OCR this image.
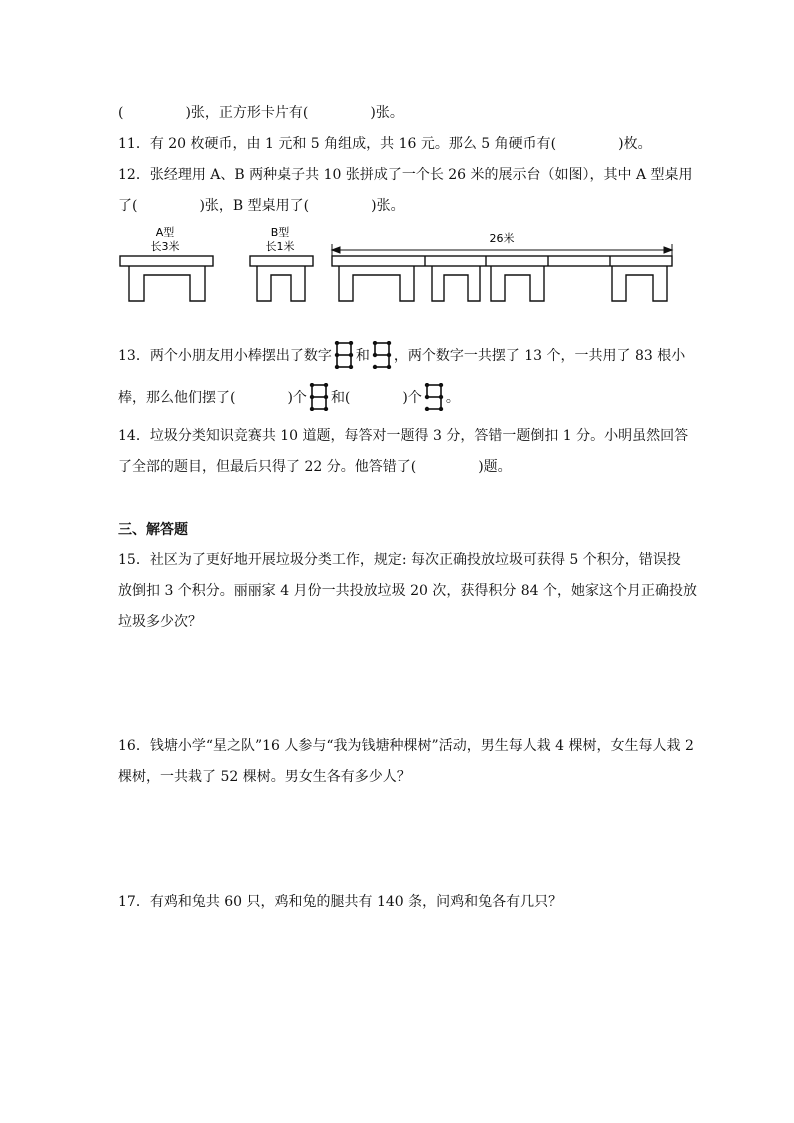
(	)张，正方形卡片有(	)张。
11．有 20 枚硬币，由 1 元和 5 角组成，共 16 元。那么 5 角硬币有(	)枚。
12．张经理用 A、B 两种桌子共 10 张拼成了一个长 26 米的展示台（如图），其中 A 型桌用
了(	)张，B 型桌用了(	)张。
A型
长3米
B型
长1米
26米
13．两个小朋友用小棒摆出了数字 和 ，两个数字一共摆了 13 个，一共用了 83 根小
棒，那么他们摆了(	)个 和(	)个 。
14．垃圾分类知识竞赛共 10 道题，每答对一题得 3 分，答错一题倒扣 1 分。小明虽然回答
了全部的题目，但最后只得了 22 分。他答错了(	)题。
三、解答题
15．社区为了更好地开展垃圾分类工作，规定: 每次正确投放垃圾可获得 5 个积分，错误投
放倒扣 3 个积分。丽丽家 4 月份一共投放垃圾 20 次，获得积分 84 个，她家这个月正确投放
垃圾多少次？
16．钱塘小学“星之队”16 人参与“我为钱塘种棵树”活动，男生每人栽 4 棵树，女生每人栽 2
棵树，一共栽了 52 棵树。男女生各有多少人？
17．有鸡和兔共 60 只，鸡和兔的腿共有 140 条，问鸡和兔各有几只？
